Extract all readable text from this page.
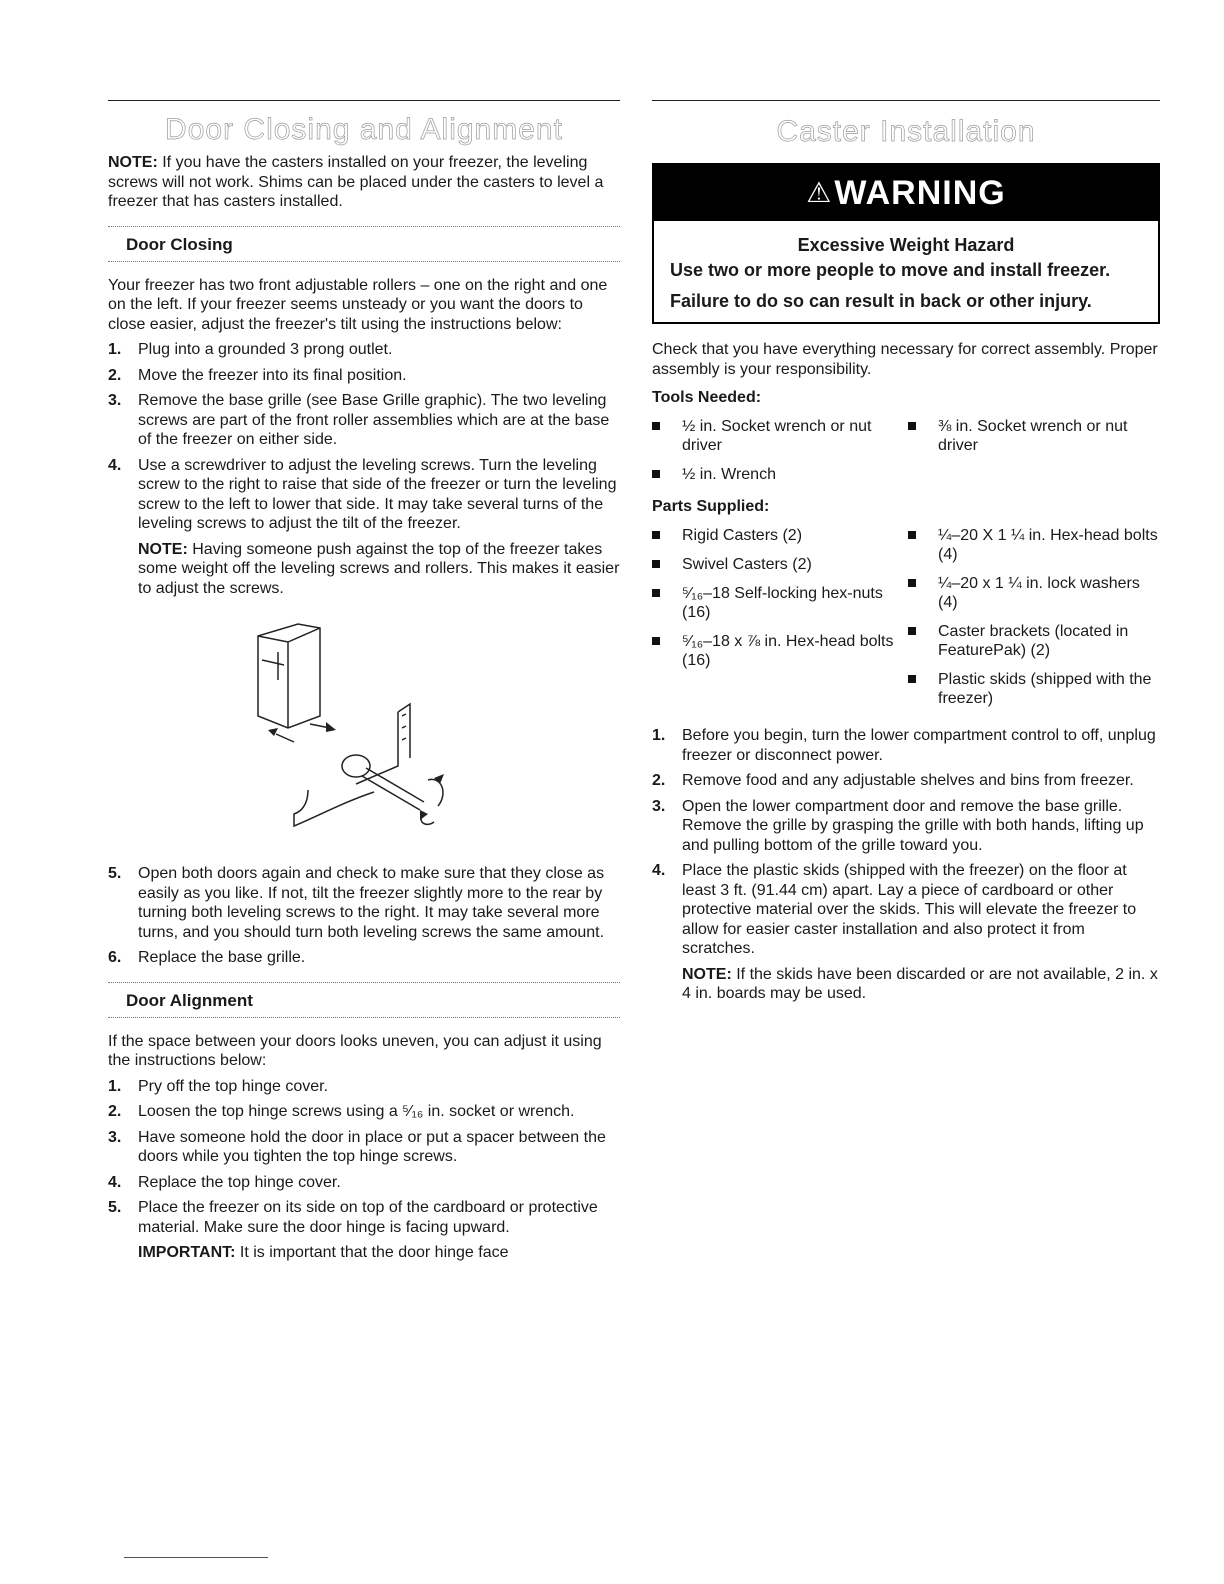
Door Closing and Alignment

NOTE: If you have the casters installed on your freezer, the leveling screws will not work. Shims can be placed under the casters to level a freezer that has casters installed.

Door Closing

Your freezer has two front adjustable rollers – one on the right and one on the left. If your freezer seems unsteady or you want the doors to close easier, adjust the freezer's tilt using the instructions below:

1. Plug into a grounded 3 prong outlet.
2. Move the freezer into its final position.
3. Remove the base grille (see Base Grille graphic). The two leveling screws are part of the front roller assemblies which are at the base of the freezer on either side.
4. Use a screwdriver to adjust the leveling screws. Turn the leveling screw to the right to raise that side of the freezer or turn the leveling screw to the left to lower that side. It may take several turns of the leveling screws to adjust the tilt of the freezer.

NOTE: Having someone push against the top of the freezer takes some weight off the leveling screws and rollers. This makes it easier to adjust the screws.

5. Open both doors again and check to make sure that they close as easily as you like. If not, tilt the freezer slightly more to the rear by turning both leveling screws to the right. It may take several more turns, and you should turn both leveling screws the same amount.
6. Replace the base grille.
Door Alignment

If the space between your doors looks uneven, you can adjust it using the instructions below:

1. Pry off the top hinge cover.
2. Loosen the top hinge screws using a ⁵⁄₁₆ in. socket or wrench.
3. Have someone hold the door in place or put a spacer between the doors while you tighten the top hinge screws.
4. Replace the top hinge cover.
5. Place the freezer on its side on top of the cardboard or protective material. Make sure the door hinge is facing upward.

IMPORTANT: It is important that the door hinge face

Caster Installation
⚠WARNING
Excessive Weight Hazard
Use two or more people to move and install freezer.
Failure to do so can result in back or other injury.

Check that you have everything necessary for correct assembly. Proper assembly is your responsibility.

Tools Needed:
½ in. Socket wrench or nut driver
½ in. Wrench
⅜ in. Socket wrench or nut driver
Parts Supplied:
Rigid Casters (2)
Swivel Casters (2)
⁵⁄₁₆–18 Self-locking hex-nuts (16)
⁵⁄₁₆–18 x ⅞ in. Hex-head bolts (16)
¼–20 X 1 ¼ in. Hex-head bolts (4)
¼–20 x 1 ¼ in. lock washers (4)
Caster brackets (located in FeaturePak) (2)
Plastic skids (shipped with the freezer)
1. Before you begin, turn the lower compartment control to off, unplug freezer or disconnect power.
2. Remove food and any adjustable shelves and bins from freezer.
3. Open the lower compartment door and remove the base grille. Remove the grille by grasping the grille with both hands, lifting up and pulling bottom of the grille toward you.
4. Place the plastic skids (shipped with the freezer) on the floor at least 3 ft. (91.44 cm) apart. Lay a piece of cardboard or other protective material over the skids. This will elevate the freezer to allow for easier caster installation and also protect it from scratches.

NOTE: If the skids have been discarded or are not available, 2 in. x 4 in. boards may be used.
